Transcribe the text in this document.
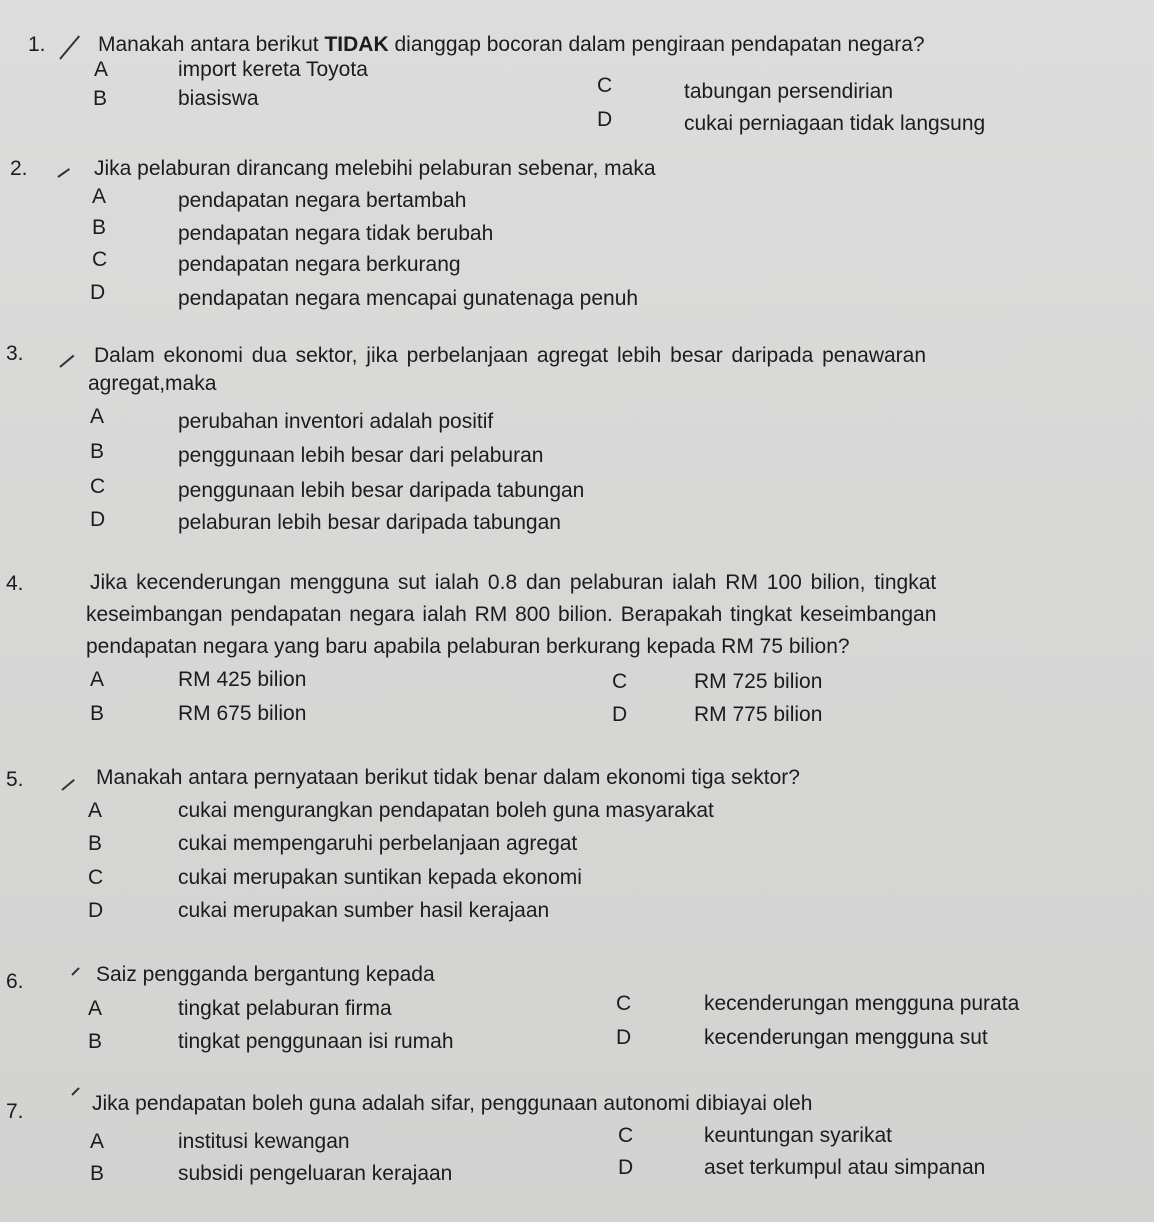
1. Manakah antara berikut TIDAK dianggap bocoran dalam pengiraan pendapatan negara?
A	import kereta Toyota
B	biasiswa
C	tabungan persendirian
D	cukai perniagaan tidak langsung
2.	Jika pelaburan dirancang melebihi pelaburan sebenar, maka
A	pendapatan negara bertambah
B	pendapatan negara tidak berubah
C	pendapatan negara berkurang
D	pendapatan negara mencapai gunatenaga penuh
3.	Dalam ekonomi dua sektor, jika perbelanjaan agregat lebih besar daripada penawaran
agregat,maka
A	perubahan inventori adalah positif
B	penggunaan lebih besar dari pelaburan
C	penggunaan lebih besar daripada tabungan
D	pelaburan lebih besar daripada tabungan
4.	Jika kecenderungan mengguna sut ialah 0.8 dan pelaburan ialah RM 100 bilion, tingkat
keseimbangan pendapatan negara ialah RM 800 bilion. Berapakah tingkat keseimbangan
pendapatan negara yang baru apabila pelaburan berkurang kepada RM 75 bilion?
A	RM 425 bilion
B	RM 675 bilion
C	RM 725 bilion
D	RM 775 bilion
5.	Manakah antara pernyataan berikut tidak benar dalam ekonomi tiga sektor?
A	cukai mengurangkan pendapatan boleh guna masyarakat
B	cukai mempengaruhi perbelanjaan agregat
C	cukai merupakan suntikan kepada ekonomi
D	cukai merupakan sumber hasil kerajaan
6.	Saiz pengganda bergantung kepada
A	tingkat pelaburan firma
B	tingkat penggunaan isi rumah
C	kecenderungan mengguna purata
D	kecenderungan mengguna sut
7.	Jika pendapatan boleh guna adalah sifar, penggunaan autonomi dibiayai oleh
A	institusi kewangan
B	subsidi pengeluaran kerajaan
C	keuntungan syarikat
D	aset terkumpul atau simpanan
